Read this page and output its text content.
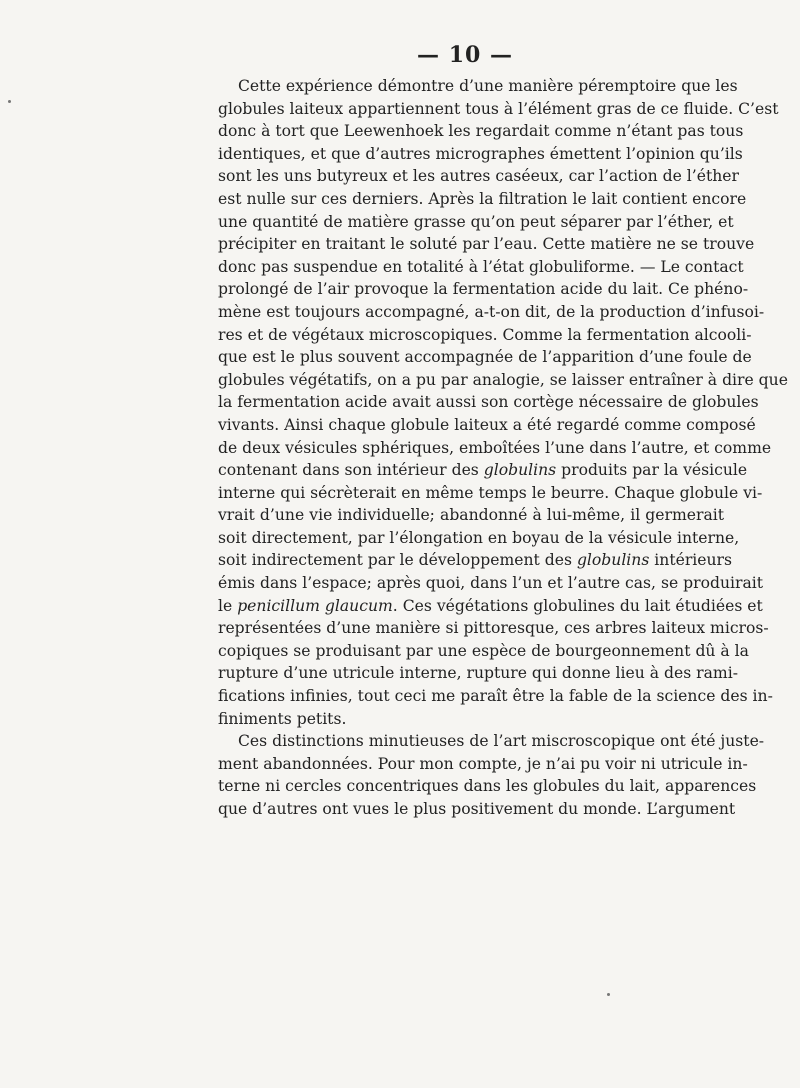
— 10 —
Cette expérience démontre d’une manière péremptoire que les
globules laiteux appartiennent tous à l’élément gras de ce fluide. C’est
donc à tort que Leewenhoek les regardait comme n’étant pas tous
identiques, et que d’autres micrographes émettent l’opinion qu’ils
sont les uns butyreux et les autres caséeux, car l’action de l’éther
est nulle sur ces derniers. Après la filtration le lait contient encore
une quantité de matière grasse qu’on peut séparer par l’éther, et
précipiter en traitant le soluté par l’eau. Cette matière ne se trouve
donc pas suspendue en totalité à l’état globuliforme. — Le contact
prolongé de l’air provoque la fermentation acide du lait. Ce phéno-
mène est toujours accompagné, a-t-on dit, de la production d’infusoi-
res et de végétaux microscopiques. Comme la fermentation alcooli-
que est le plus souvent accompagnée de l’apparition d’une foule de
globules végétatifs, on a pu par analogie, se laisser entraîner à dire que
la fermentation acide avait aussi son cortège nécessaire de globules
vivants. Ainsi chaque globule laiteux a été regardé comme composé
de deux vésicules sphériques, emboîtées l’une dans l’autre, et comme
contenant dans son intérieur des globulins produits par la vésicule
interne qui sécrèterait en même temps le beurre. Chaque globule vi-
vrait d’une vie individuelle; abandonné à lui-même, il germerait
soit directement, par l’élongation en boyau de la vésicule interne,
soit indirectement par le développement des globulins intérieurs
émis dans l’espace; après quoi, dans l’un et l’autre cas, se produirait
le penicillum glaucum. Ces végétations globulines du lait étudiées et
représentées d’une manière si pittoresque, ces arbres laiteux micros-
copiques se produisant par une espèce de bourgeonnement dû à la
rupture d’une utricule interne, rupture qui donne lieu à des rami-
fications infinies, tout ceci me paraît être la fable de la science des in-
finiments petits.
Ces distinctions minutieuses de l’art miscroscopique ont été juste-
ment abandonnées. Pour mon compte, je n’ai pu voir ni utricule in-
terne ni cercles concentriques dans les globules du lait, apparences
que d’autres ont vues le plus positivement du monde. L’argument
